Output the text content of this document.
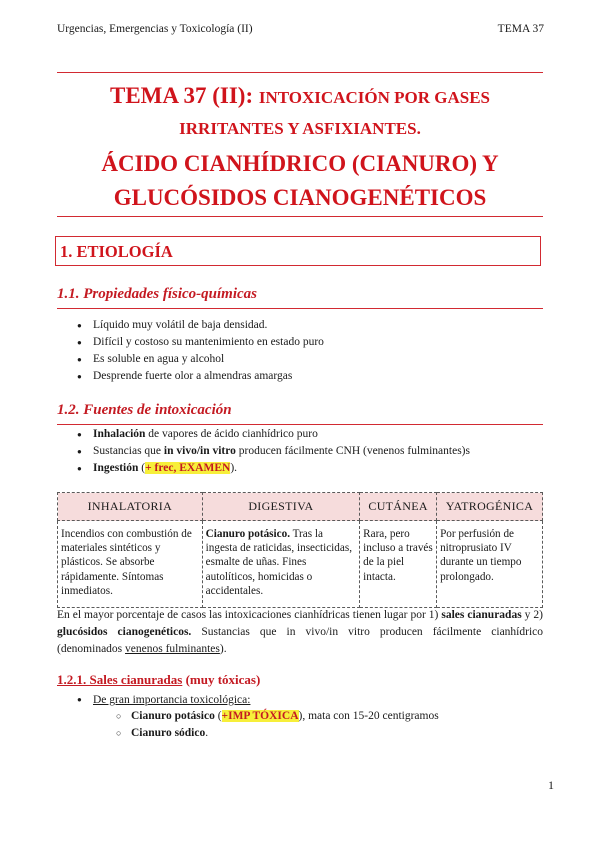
Urgencias, Emergencias y Toxicología (II)	TEMA 37
TEMA 37 (II): INTOXICACIÓN POR GASES
IRRITANTES Y ASFIXIANTES.
ÁCIDO CIANHÍDRICO (CIANURO) Y GLUCÓSIDOS CIANOGENÉTICOS
1. ETIOLOGÍA
1.1. Propiedades físico-químicas
● Líquido muy volátil de baja densidad.
● Difícil y costoso su mantenimiento en estado puro
● Es soluble en agua y alcohol
● Desprende fuerte olor a almendras amargas
1.2. Fuentes de intoxicación
● Inhalación de vapores de ácido cianhídrico puro
● Sustancias que in vivo/in vitro producen fácilmente CNH (venenos fulminantes)s
● Ingestión (+ frec, EXAMEN).
INHALATORIA	DIGESTIVA	CUTÁNEA	YATROGÉNICA
Incendios con combustión de materiales sintéticos y plásticos. Se absorbe rápidamente. Síntomas inmediatos.	Cianuro potásico. Tras la ingesta de raticidas, insecticidas, esmalte de uñas. Fines autolíticos, homicidas o accidentales.	Rara, pero incluso a través de la piel intacta.	Por perfusión de nitroprusiato IV durante un tiempo prolongado.
En el mayor porcentaje de casos las intoxicaciones cianhídricas tienen lugar por 1) sales cianuradas y 2) glucósidos cianogenéticos. Sustancias que in vivo/in vitro producen fácilmente cianhídrico (denominados venenos fulminantes).
1.2.1. Sales cianuradas (muy tóxicas)
● De gran importancia toxicológica:
○ Cianuro potásico (+IMP TÓXICA), mata con 15-20 centigramos
○ Cianuro sódico.
1
